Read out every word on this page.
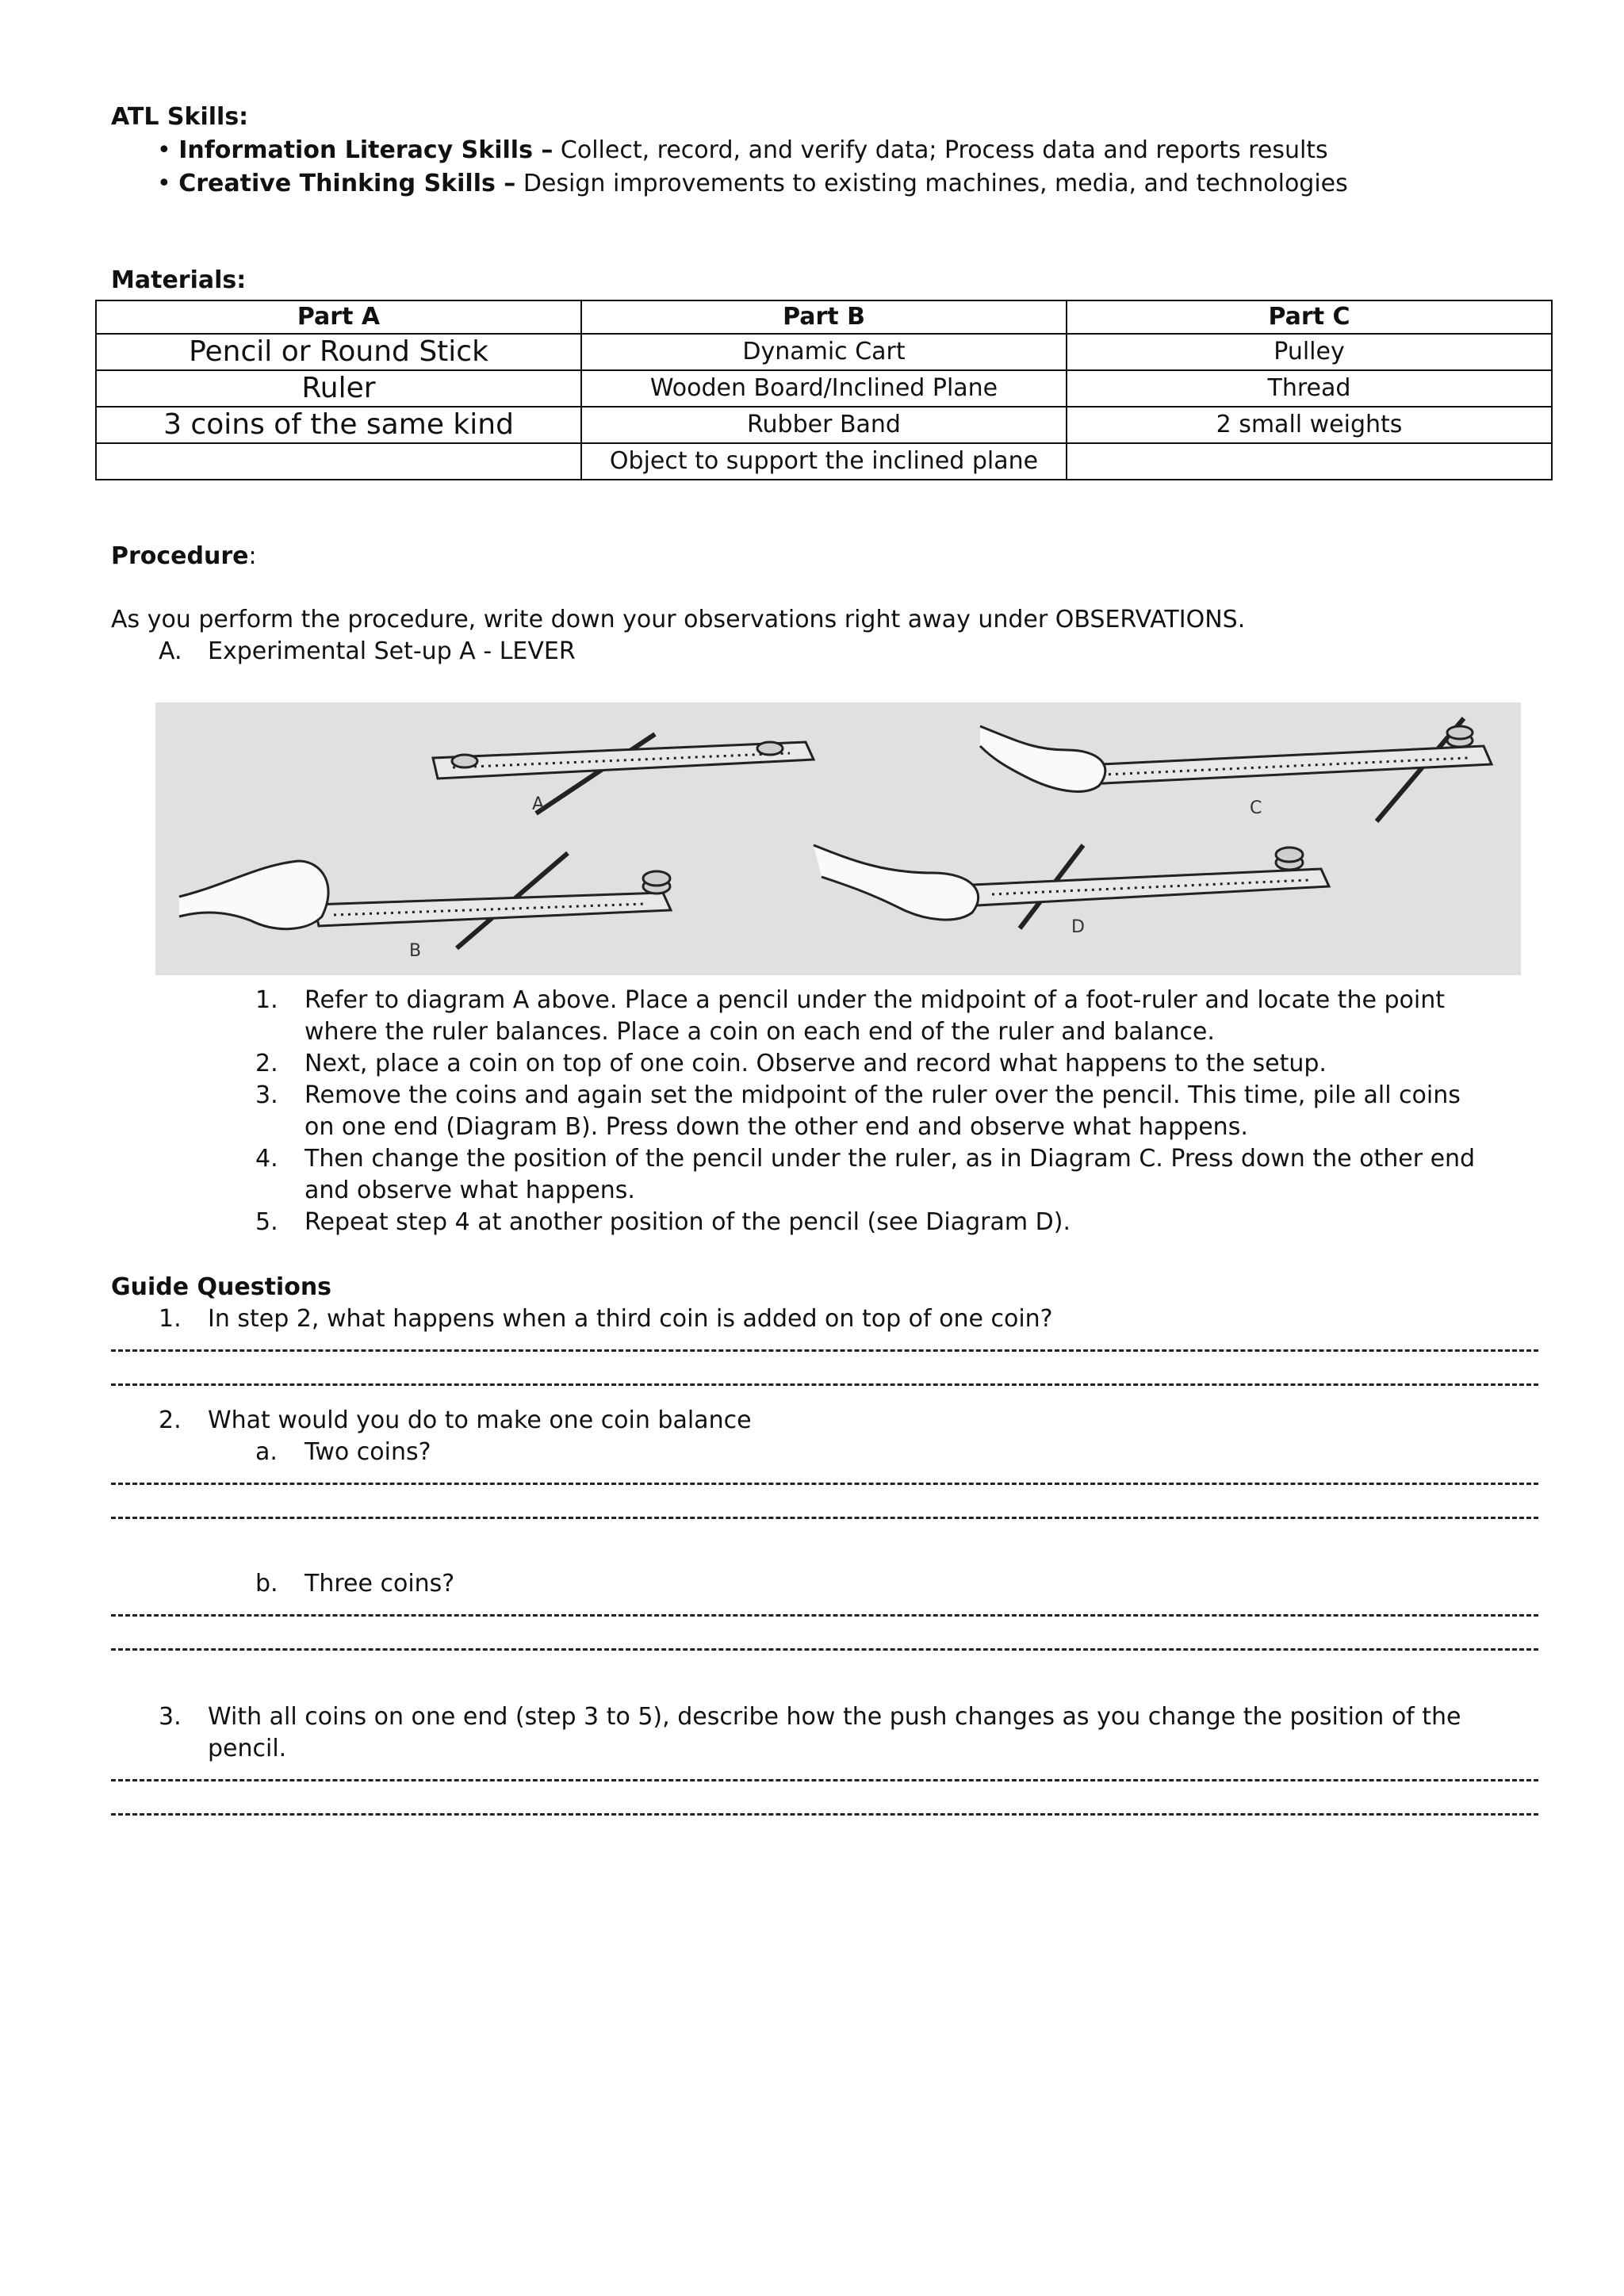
ATL Skills:
• Information Literacy Skills – Collect, record, and verify data; Process data and reports results
• Creative Thinking Skills – Design improvements to existing machines, media, and technologies
Materials:
Part A	Part B	Part C
Pencil or Round Stick	Dynamic Cart	Pulley
Ruler	Wooden Board/Inclined Plane	Thread
3 coins of the same kind	Rubber Band	2 small weights
	Object to support the inclined plane	
Procedure:
As you perform the procedure, write down your observations right away under OBSERVATIONS.
A. Experimental Set-up A - LEVER
A
B
C
D
1. Refer to diagram A above. Place a pencil under the midpoint of a foot-ruler and locate the point
where the ruler balances. Place a coin on each end of the ruler and balance.
2. Next, place a coin on top of one coin. Observe and record what happens to the setup.
3. Remove the coins and again set the midpoint of the ruler over the pencil. This time, pile all coins
on one end (Diagram B). Press down the other end and observe what happens.
4. Then change the position of the pencil under the ruler, as in Diagram C. Press down the other end
and observe what happens.
5. Repeat step 4 at another position of the pencil (see Diagram D).
Guide Questions
1. In step 2, what happens when a third coin is added on top of one coin?
2. What would you do to make one coin balance
a. Two coins?
b. Three coins?
3. With all coins on one end (step 3 to 5), describe how the push changes as you change the position of the
pencil.
